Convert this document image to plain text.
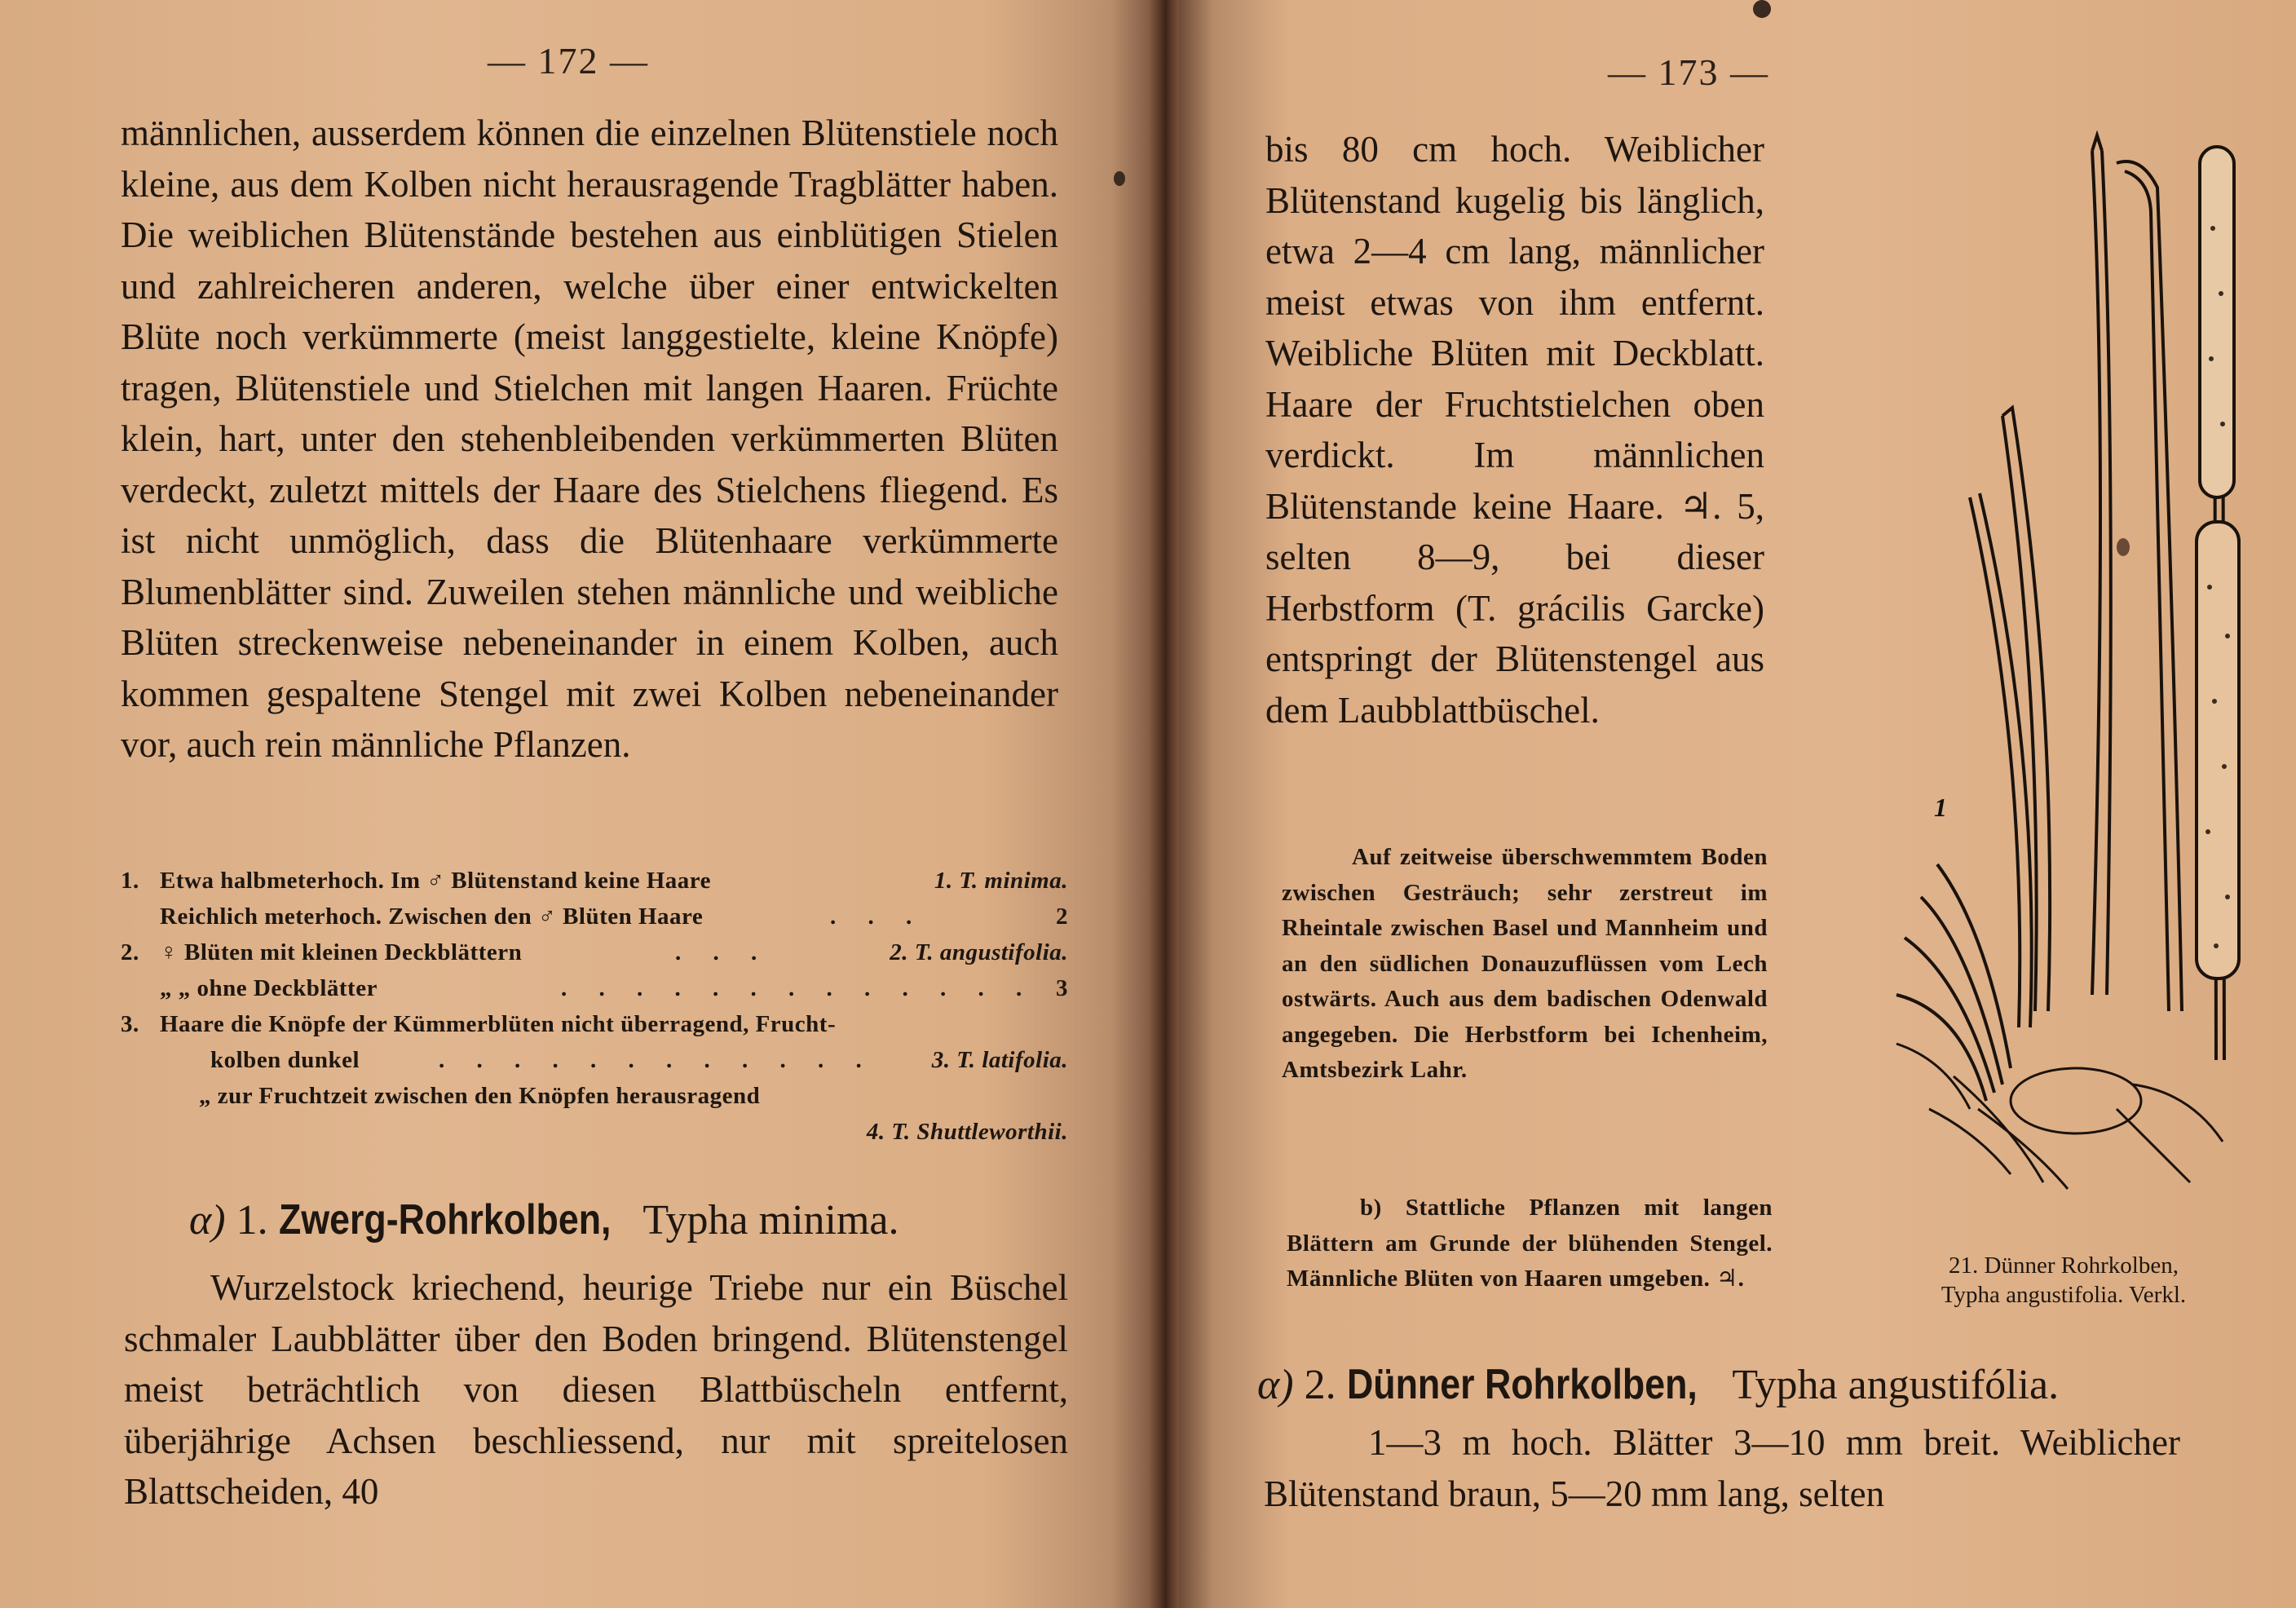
— 172 —
männlichen, ausserdem können die einzelnen Blütenstiele noch kleine, aus dem Kolben nicht herausragende Tragblätter haben. Die weiblichen Blütenstände bestehen aus einblütigen Stielen und zahlreicheren anderen, welche über einer entwickelten Blüte noch verkümmerte (meist langgestielte, kleine Knöpfe) tragen, Blütenstiele und Stielchen mit langen Haaren. Früchte klein, hart, unter den stehenbleibenden verkümmerten Blüten verdeckt, zuletzt mittels der Haare des Stielchens fliegend. Es ist nicht unmöglich, dass die Blütenhaare verkümmerte Blumenblätter sind. Zuweilen stehen männliche und weibliche Blüten streckenweise nebeneinander in einem Kolben, auch kommen gespaltene Stengel mit zwei Kolben nebeneinander vor, auch rein männliche Pflanzen.
1. Etwa halbmeterhoch. Im ♂ Blütenstand keine Haare	1. T. minima.
Reichlich meterhoch. Zwischen den ♂ Blüten Haare	. . .	2
2. ♀ Blüten mit kleinen Deckblättern	. . .	2. T. angustifolia.
„ „ ohne Deckblätter	. . . . . . . . . . . . . 3
3. Haare die Knöpfe der Kümmerblüten nicht überragend, Frucht-
kolben dunkel	. . . . . . . . . . . . 3. T. latifolia.
„ zur Fruchtzeit zwischen den Knöpfen herausragend
4. T. Shuttleworthii.
α) 1. Zwerg-Rohrkolben, Typha minima.
Wurzelstock kriechend, heurige Triebe nur ein Büschel schmaler Laubblätter über den Boden bringend. Blütenstengel meist beträchtlich von diesen Blattbüscheln entfernt, überjährige Achsen beschliessend, nur mit spreitelosen Blattscheiden, 40
— 173 —
bis 80 cm hoch. Weiblicher Blütenstand kugelig bis länglich, etwa 2—4 cm lang, männlicher meist etwas von ihm entfernt. Weibliche Blüten mit Deckblatt. Haare der Fruchtstielchen oben verdickt. Im männlichen Blütenstande keine Haare. ♃. 5, selten 8—9, bei dieser Herbstform (T. grácilis Garcke) entspringt der Blütenstengel aus dem Laubblattbüschel.
Auf zeitweise überschwemmtem Boden zwischen Gesträuch; sehr zerstreut im Rheintale zwischen Basel und Mannheim und an den südlichen Donauzuflüssen vom Lech ostwärts. Auch aus dem badischen Odenwald angegeben. Die Herbstform bei Ichenheim, Amtsbezirk Lahr.
b) Stattliche Pflanzen mit langen Blättern am Grunde der blühenden Stengel. Männliche Blüten von Haaren umgeben. ♃.
1
21. Dünner Rohrkolben,
Typha angustifolia. Verkl.
α) 2. Dünner Rohrkolben, Typha angustifólia.
1—3 m hoch. Blätter 3—10 mm breit. Weiblicher Blütenstand braun, 5—20 mm lang, selten
